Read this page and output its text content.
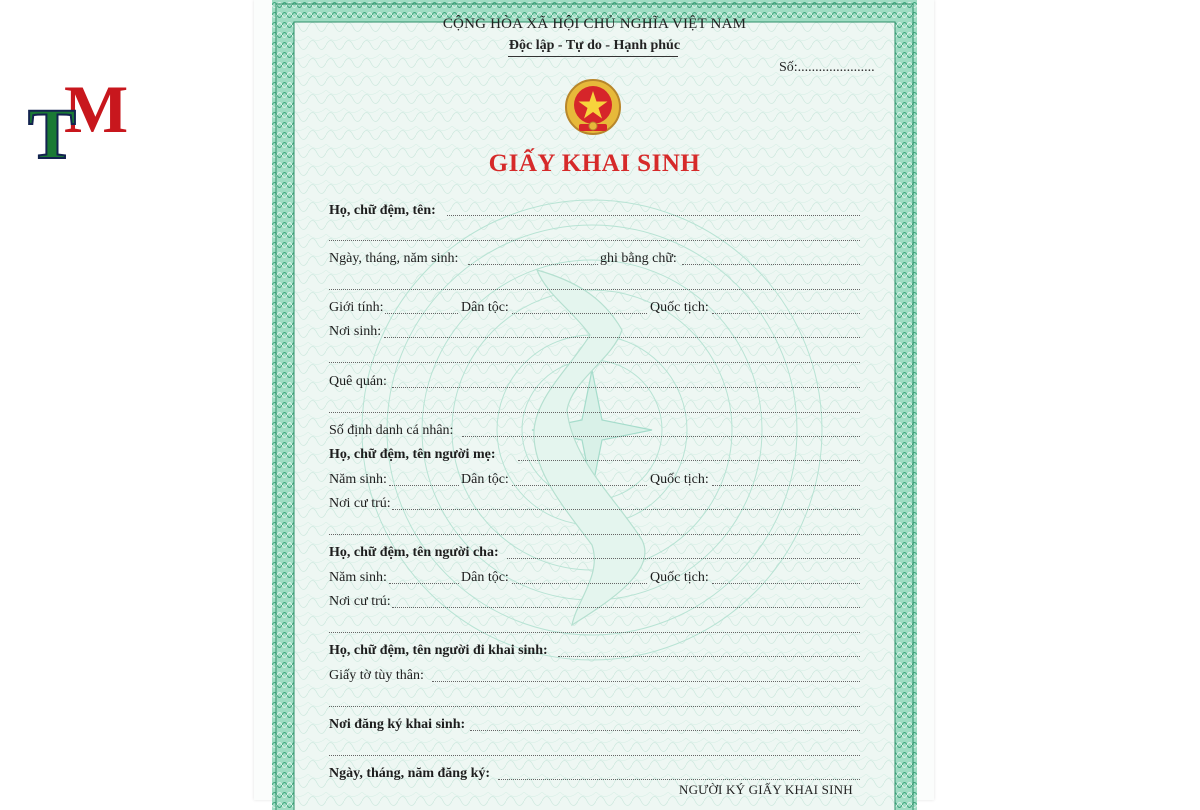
M
T
CỘNG HÒA XÃ HỘI CHỦ NGHĨA VIỆT NAM
Độc lập - Tự do - Hạnh phúc
Số:......................
GIẤY KHAI SINH
Họ, chữ đệm, tên:
Ngày, tháng, năm sinh:	ghi bằng chữ:
Giới tính:	Dân tộc:	Quốc tịch:
Nơi sinh:
Quê quán:
Số định danh cá nhân:
Họ, chữ đệm, tên người mẹ:
Năm sinh:	Dân tộc:	Quốc tịch:
Nơi cư trú:
Họ, chữ đệm, tên người cha:
Năm sinh:	Dân tộc:	Quốc tịch:
Nơi cư trú:
Họ, chữ đệm, tên người đi khai sinh:
Giấy tờ tùy thân:
Nơi đăng ký khai sinh:
Ngày, tháng, năm đăng ký:
NGƯỜI KÝ GIẤY KHAI SINH
